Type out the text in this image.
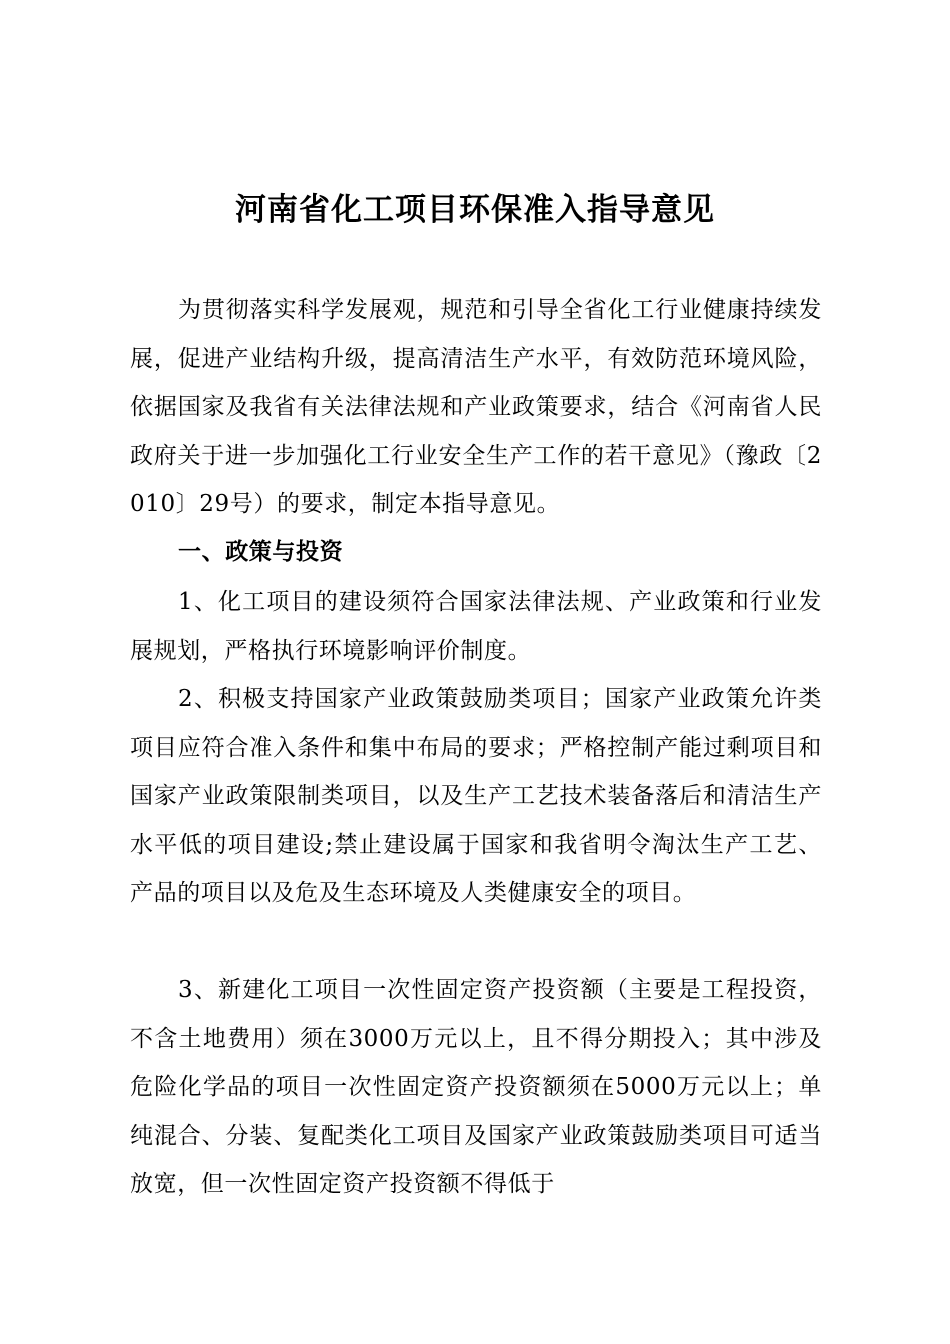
河南省化工项目环保准入指导意见

为贯彻落实科学发展观，规范和引导全省化工行业健康持续发展，促进产业结构升级，提高清洁生产水平，有效防范环境风险，依据国家及我省有关法律法规和产业政策要求，结合《河南省人民政府关于进一步加强化工行业安全生产工作的若干意见》（豫政〔2010〕29号）的要求，制定本指导意见。

一、政策与投资

1、化工项目的建设须符合国家法律法规、产业政策和行业发展规划，严格执行环境影响评价制度。

2、积极支持国家产业政策鼓励类项目；国家产业政策允许类项目应符合准入条件和集中布局的要求；严格控制产能过剩项目和国家产业政策限制类项目，以及生产工艺技术装备落后和清洁生产水平低的项目建设;禁止建设属于国家和我省明令淘汰生产工艺、产品的项目以及危及生态环境及人类健康安全的项目。

3、新建化工项目一次性固定资产投资额（主要是工程投资，不含土地费用）须在3000万元以上，且不得分期投入；其中涉及危险化学品的项目一次性固定资产投资额须在5000万元以上；单纯混合、分装、复配类化工项目及国家产业政策鼓励类项目可适当放宽，但一次性固定资产投资额不得低于
